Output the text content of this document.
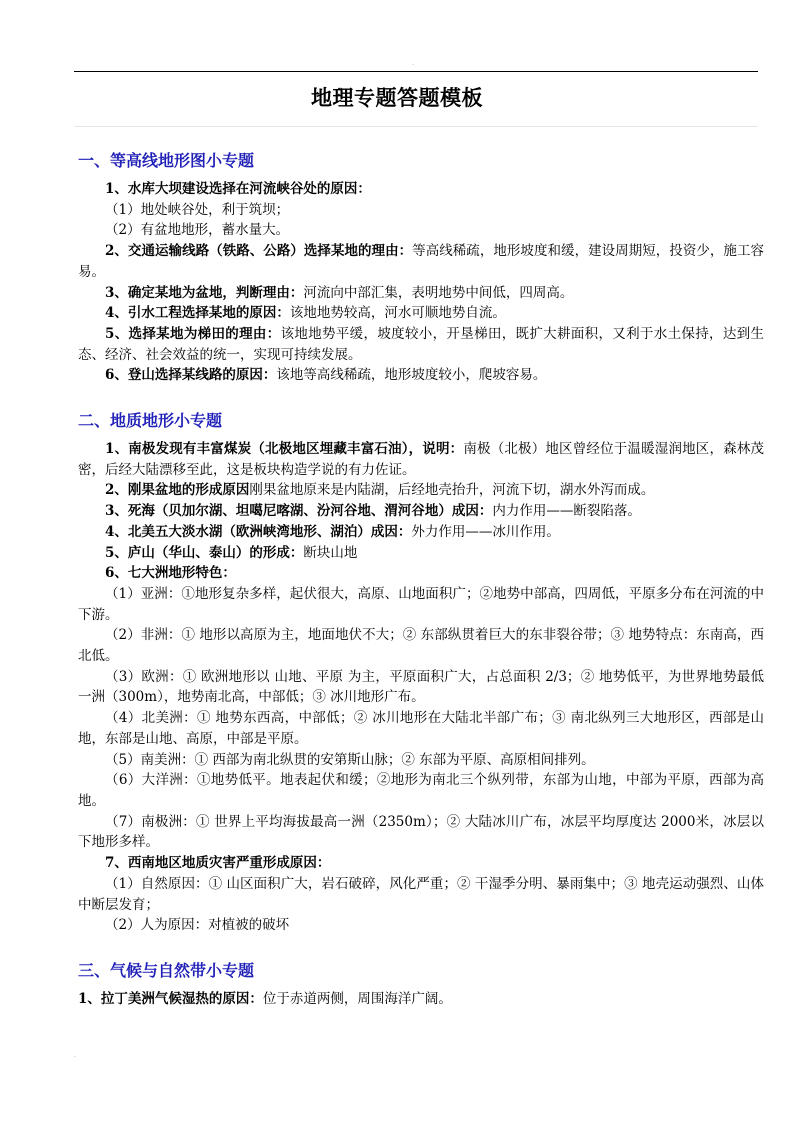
.
地理专题答题模板
一、等高线地形图小专题

1、水库大坝建设选择在河流峡谷处的原因：

（1）地处峡谷处，利于筑坝；

（2）有盆地地形，蓄水量大。

2、交通运输线路（铁路、公路）选择某地的理由：等高线稀疏，地形坡度和缓，建设周期短，投资少，施工容易。

3、确定某地为盆地，判断理由：河流向中部汇集，表明地势中间低，四周高。

4、引水工程选择某地的原因：该地地势较高，河水可顺地势自流。

5、选择某地为梯田的理由：该地地势平缓，坡度较小，开垦梯田，既扩大耕面积，又利于水土保持，达到生态、经济、社会效益的统一，实现可持续发展。

6、登山选择某线路的原因：该地等高线稀疏，地形坡度较小，爬坡容易。

二、地质地形小专题

1、南极发现有丰富煤炭（北极地区埋藏丰富石油），说明：南极（北极）地区曾经位于温暖湿润地区，森林茂密，后经大陆漂移至此，这是板块构造学说的有力佐证。

2、刚果盆地的形成原因刚果盆地原来是内陆湖，后经地壳抬升，河流下切，湖水外泻而成。

3、死海（贝加尔湖、坦噶尼喀湖、汾河谷地、渭河谷地）成因：内力作用——断裂陷落。

4、北美五大淡水湖（欧洲峡湾地形、湖泊）成因：外力作用——冰川作用。

5、庐山（华山、泰山）的形成：断块山地

6、七大洲地形特色：

（1）亚洲：①地形复杂多样，起伏很大，高原、山地面积广；②地势中部高，四周低，平原多分布在河流的中下游。

（2）非洲：① 地形以高原为主，地面地伏不大；② 东部纵贯着巨大的东非裂谷带；③ 地势特点：东南高，西北低。

（3）欧洲：① 欧洲地形以 山地、平原 为主，平原面积广大，占总面积 2/3；② 地势低平，为世界地势最低一洲（300m），地势南北高，中部低；③ 冰川地形广布。

（4）北美洲：① 地势东西高，中部低；② 冰川地形在大陆北半部广布；③ 南北纵列三大地形区，西部是山地，东部是山地、高原，中部是平原。

（5）南美洲：① 西部为南北纵贯的安第斯山脉；② 东部为平原、高原相间排列。

（6）大洋洲：①地势低平。地表起伏和缓；②地形为南北三个纵列带，东部为山地，中部为平原，西部为高地。

（7）南极洲：① 世界上平均海拔最高一洲（2350m）；② 大陆冰川广布，冰层平均厚度达 2000米，冰层以下地形多样。

7、西南地区地质灾害严重形成原因：

（1）自然原因：① 山区面积广大，岩石破碎，风化严重；② 干湿季分明、暴雨集中；③ 地壳运动强烈、山体中断层发育；

（2）人为原因：对植被的破坏

三、气候与自然带小专题

1、拉丁美洲气候湿热的原因：位于赤道两侧，周围海洋广阔。

.
